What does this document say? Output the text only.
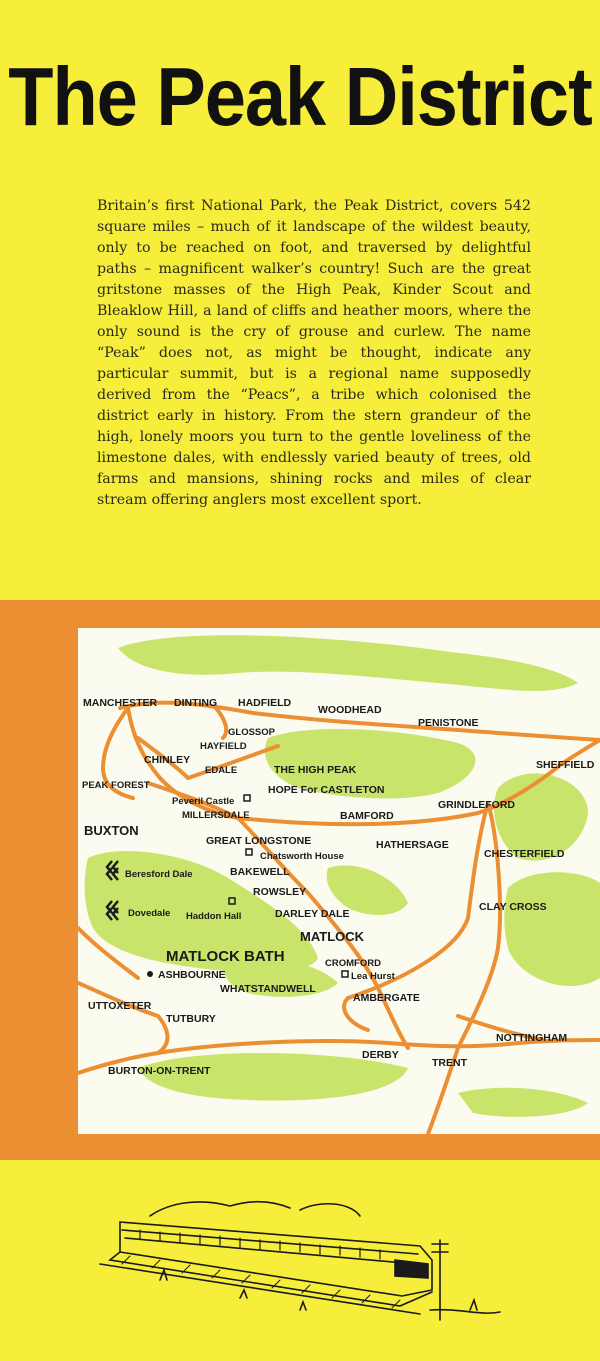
The Peak District

Britain’s first National Park, the Peak District, covers 542 square miles – much of it landscape of the wildest beauty, only to be reached on foot, and traversed by delightful paths – magnificent walker’s country! Such are the great gritstone masses of the High Peak, Kinder Scout and Bleaklow Hill, a land of cliffs and heather moors, where the only sound is the cry of grouse and curlew. The name “Peak” does not, as might be thought, indicate any particular summit, but is a regional name supposedly derived from the “Peacs”, a tribe which colonised the district early in history. From the stern grandeur of the high, lonely moors you turn to the gentle loveliness of the limestone dales, with endlessly varied beauty of trees, old farms and mansions, shining rocks and miles of clear stream offering anglers most excellent sport.

MANCHESTER DINTING HADFIELD
WOODHEAD
PENISTONE
GLOSSOP
HAYFIELD
CHINLEY
EDALE	THE HIGH PEAK	SHEFFIELD
HOPE For CASTLETON
PEAK FOREST
Peveril Castle
MILLERSDALE
BUXTON
BAMFORD
GRINDLEFORD
GREAT LONGSTONE	HATHERSAGE
Chatsworth House	CHESTERFIELD
Beresford Dale	BAKEWELL
ROWSLEY
CLAY CROSS
Dovedale Haddon Hall	DARLEY DALE
MATLOCK
MATLOCK BATH	CROMFORD
ASHBOURNE	Lea Hurst
WHATSTANDWELL
AMBERGATE
UTTOXETER
TUTBURY
NOTTINGHAM
DERBY
TRENT
BURTON-ON-TRENT
